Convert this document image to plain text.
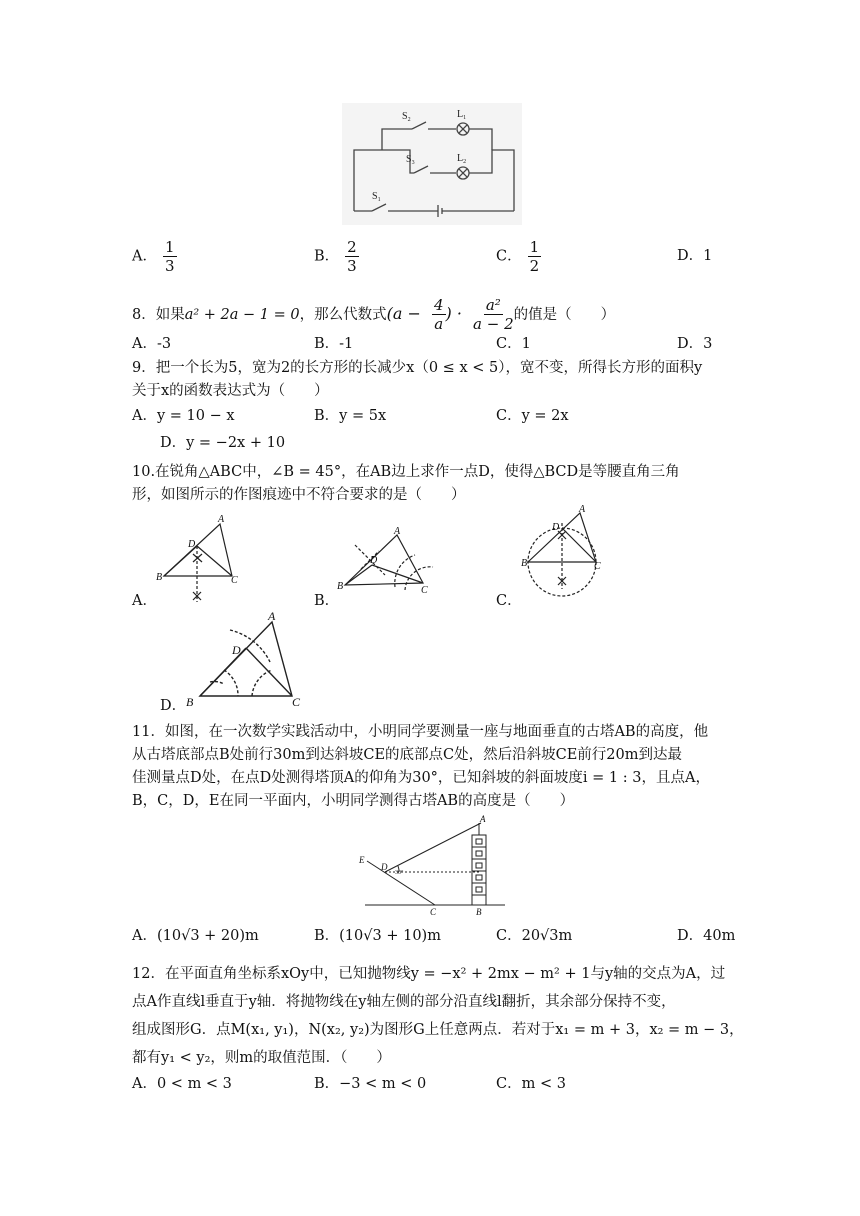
$S_2$	$L_1$
$S_3$	$L_2$
$S_1$
A． $\frac{1}{3}$	B． $\frac{2}{3}$	C． $\frac{1}{2}$	D．1
8．如果a² + 2a − 1 = 0，那么代数式($a - \frac{4}{a}$ ) · $\frac{\text{a²}}{a - 2}$ 的值是（　　）
A．-3	B．-1	C．1	D．3
9．把一个长为5，宽为2的长方形的长减少x（0 ≤ x < 5），宽不变，所得长方形的面积y
关于x的函数表达式为（　　）
A．y = 10 − x	B．y = 5x	C．y = 2x
D．y = −2x + 10
10.在锐角△ABC中，∠B = 45°，在AB边上求作一点D，使得△BCD是等腰直角三角
形，如图所示的作图痕迹中不符合要求的是（　　）
A
D
B	C
A．
A
D
B	C
B．
A
D
B	C
C．
A
D
B	C
D．
11．如图，在一次数学实践活动中，小明同学要测量一座与地面垂直的古塔AB的高度，他
从古塔底部点B处前行30m到达斜坡CE的底部点C处，然后沿斜坡CE前行20m到达最
佳测量点D处，在点D处测得塔顶A的仰角为30°，已知斜坡的斜面坡度i = 1 : 3，且点A，
B，C，D，E在同一平面内，小明同学测得古塔AB的高度是（　　）
A
E
D
C	B
30°
A．(10√3 + 20)m	B．(10√3 + 10)m	C．20√3m	D．40m
12．在平面直角坐标系xOy中，已知抛物线y = −x² + 2mx − m² + 1与y轴的交点为A，过
点A作直线l垂直于y轴．将抛物线在y轴左侧的部分沿直线l翻折，其余部分保持不变，
组成图形G．点M(x₁, y₁)，N(x₂, y₂)为图形G上任意两点．若对于x₁ = m + 3，x₂ = m − 3，
都有y₁ < y₂，则m的取值范围．（　　）
A．0 < m < 3	B．−3 < m < 0	C．m < 3
